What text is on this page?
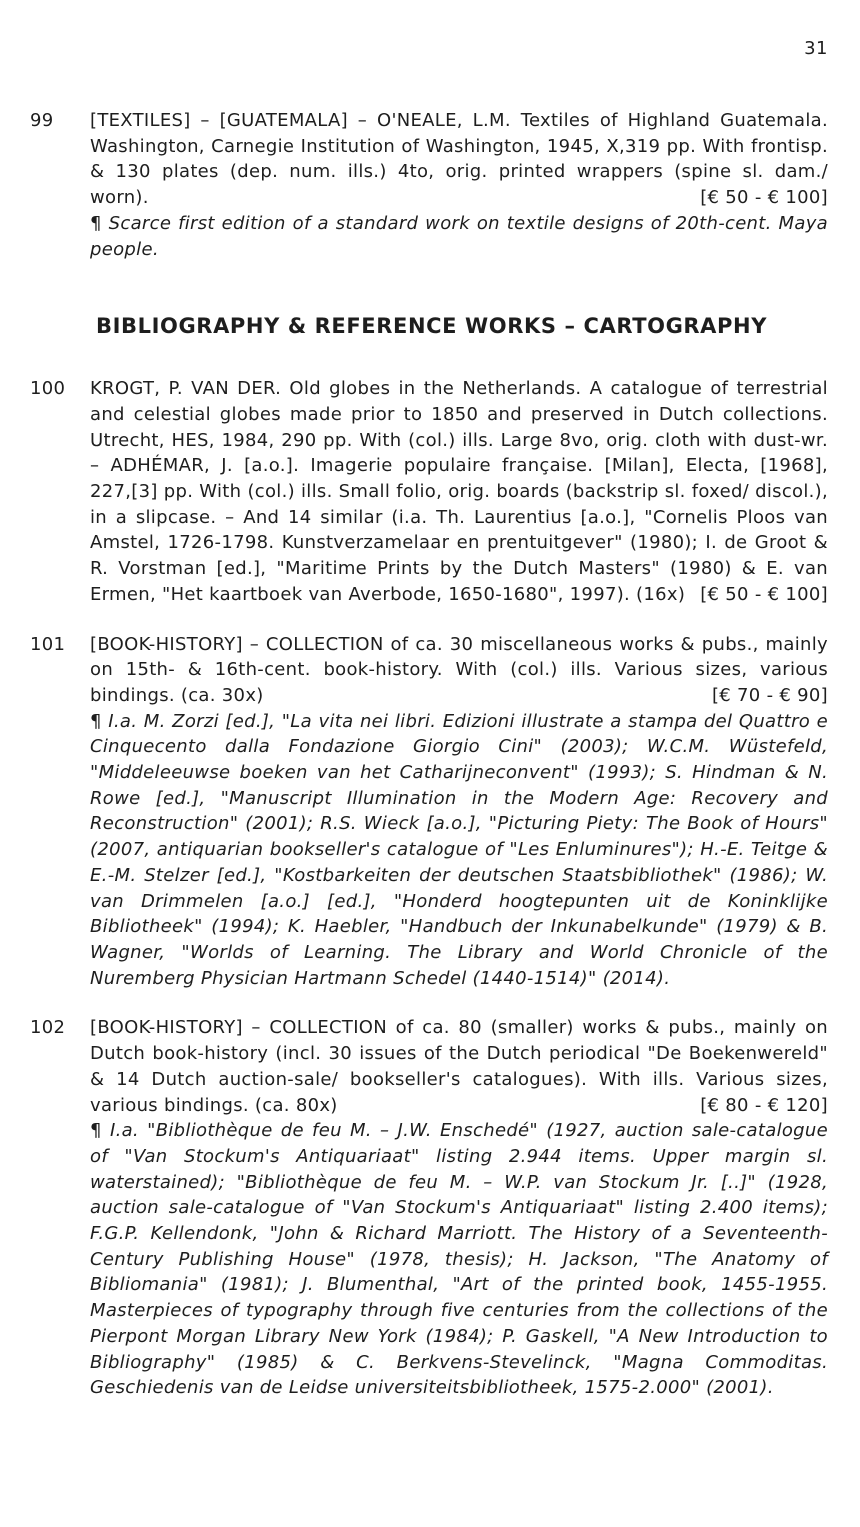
31
99	[TEXTILES] – [GUATEMALA] – O'NEALE, L.M. Textiles of Highland Guatemala. Washington, Carnegie Institution of Washington, 1945, X,319 pp. With frontisp. & 130 plates (dep. num. ills.) 4to, orig. printed wrappers (spine sl. dam./ worn).	[€ 50 - € 100]
¶ Scarce first edition of a standard work on textile designs of 20th-cent. Maya people.
BIBLIOGRAPHY & REFERENCE WORKS – CARTOGRAPHY
100	KROGT, P. VAN DER. Old globes in the Netherlands. A catalogue of terrestrial and celestial globes made prior to 1850 and preserved in Dutch collections. Utrecht, HES, 1984, 290 pp. With (col.) ills. Large 8vo, orig. cloth with dust-wr. – ADHÉMAR, J. [a.o.]. Imagerie populaire française. [Milan], Electa, [1968], 227,[3] pp. With (col.) ills. Small folio, orig. boards (backstrip sl. foxed/ discol.), in a slipcase. – And 14 similar (i.a. Th. Laurentius [a.o.], "Cornelis Ploos van Amstel, 1726-1798. Kunstverzamelaar en prentuitgever" (1980); I. de Groot & R. Vorstman [ed.], "Maritime Prints by the Dutch Masters" (1980) & E. van Ermen, "Het kaartboek van Averbode, 1650-1680", 1997). (16x) [€ 50 - € 100]
101	[BOOK-HISTORY] – COLLECTION of ca. 30 miscellaneous works & pubs., mainly on 15th- & 16th-cent. book-history. With (col.) ills. Various sizes, various bindings. (ca. 30x)	[€ 70 - € 90]
¶ I.a. M. Zorzi [ed.], "La vita nei libri. Edizioni illustrate a stampa del Quattro e Cinquecento dalla Fondazione Giorgio Cini" (2003); W.C.M. Wüstefeld, "Middeleeuwse boeken van het Catharijneconvent" (1993); S. Hindman & N. Rowe [ed.], "Manuscript Illumination in the Modern Age: Recovery and Reconstruction" (2001); R.S. Wieck [a.o.], "Picturing Piety: The Book of Hours" (2007, antiquarian bookseller's catalogue of "Les Enluminures"); H.-E. Teitge & E.-M. Stelzer [ed.], "Kostbarkeiten der deutschen Staatsbibliothek" (1986); W. van Drimmelen [a.o.] [ed.], "Honderd hoogtepunten uit de Koninklijke Bibliotheek" (1994); K. Haebler, "Handbuch der Inkunabelkunde" (1979) & B. Wagner, "Worlds of Learning. The Library and World Chronicle of the Nuremberg Physician Hartmann Schedel (1440-1514)" (2014).
102	[BOOK-HISTORY] – COLLECTION of ca. 80 (smaller) works & pubs., mainly on Dutch book-history (incl. 30 issues of the Dutch periodical "De Boekenwereld" & 14 Dutch auction-sale/ bookseller's catalogues). With ills. Various sizes, various bindings. (ca. 80x)	[€ 80 - € 120]
¶ I.a. "Bibliothèque de feu M. – J.W. Enschedé" (1927, auction sale-catalogue of "Van Stockum's Antiquariaat" listing 2.944 items. Upper margin sl. waterstained); "Bibliothèque de feu M. – W.P. van Stockum Jr. [..]" (1928, auction sale-catalogue of "Van Stockum's Antiquariaat" listing 2.400 items); F.G.P. Kellendonk, "John & Richard Marriott. The History of a Seventeenth-Century Publishing House" (1978, thesis); H. Jackson, "The Anatomy of Bibliomania" (1981); J. Blumenthal, "Art of the printed book, 1455-1955. Masterpieces of typography through five centuries from the collections of the Pierpont Morgan Library New York (1984); P. Gaskell, "A New Introduction to Bibliography" (1985) & C. Berkvens-Stevelinck, "Magna Commoditas. Geschiedenis van de Leidse universiteitsbibliotheek, 1575-2.000" (2001).
